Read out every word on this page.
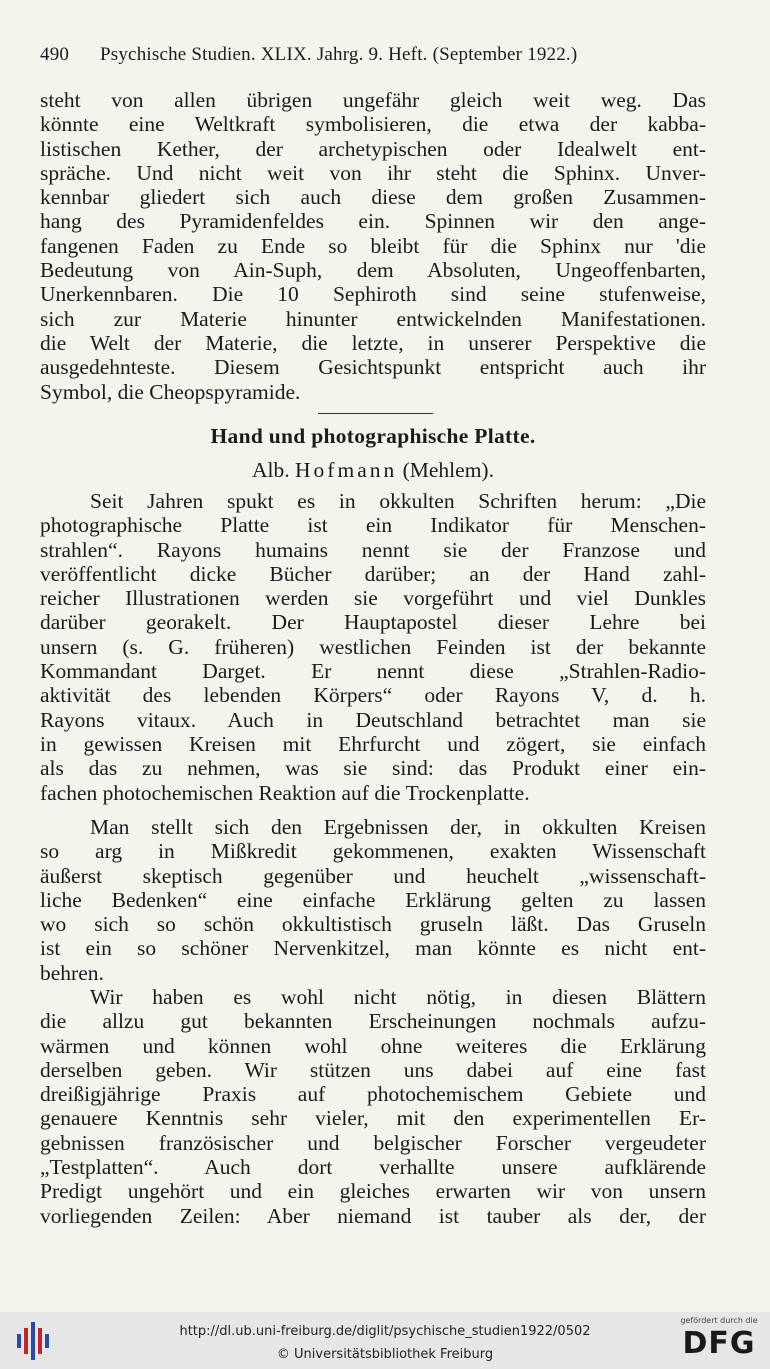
490 Psychische Studien. XLIX. Jahrg. 9. Heft. (September 1922.)
steht von allen übrigen ungefähr gleich weit weg. Das
könnte eine Weltkraft symbolisieren, die etwa der kabba-
listischen Kether, der archetypischen oder Idealwelt ent-
spräche. Und nicht weit von ihr steht die Sphinx. Unver-
kennbar gliedert sich auch diese dem großen Zusammen-
hang des Pyramidenfeldes ein. Spinnen wir den ange-
fangenen Faden zu Ende so bleibt für die Sphinx nur 'die
Bedeutung von Ain-Suph, dem Absoluten, Ungeoffenbarten,
Unerkennbaren. Die 10 Sephiroth sind seine stufenweise,
sich zur Materie hinunter entwickelnden Manifestationen.
die Welt der Materie, die letzte, in unserer Perspektive die
ausgedehnteste. Diesem Gesichtspunkt entspricht auch ihr
Symbol, die Cheopspyramide.
Hand und photographische Platte.
Alb. Hofmann (Mehlem).
Seit Jahren spukt es in okkulten Schriften herum: „Die
photographische Platte ist ein Indikator für Menschen-
strahlen“. Rayons humains nennt sie der Franzose und
veröffentlicht dicke Bücher darüber; an der Hand zahl-
reicher Illustrationen werden sie vorgeführt und viel Dunkles
darüber georakelt. Der Hauptapostel dieser Lehre bei
unsern (s. G. früheren) westlichen Feinden ist der bekannte
Kommandant Darget. Er nennt diese „Strahlen-Radio-
aktivität des lebenden Körpers“ oder Rayons V, d. h.
Rayons vitaux. Auch in Deutschland betrachtet man sie
in gewissen Kreisen mit Ehrfurcht und zögert, sie einfach
als das zu nehmen, was sie sind: das Produkt einer ein-
fachen photochemischen Reaktion auf die Trockenplatte.
Man stellt sich den Ergebnissen der, in okkulten Kreisen
so arg in Mißkredit gekommenen, exakten Wissenschaft
äußerst skeptisch gegenüber und heuchelt „wissenschaft-
liche Bedenken“ eine einfache Erklärung gelten zu lassen
wo sich so schön okkultistisch gruseln läßt. Das Gruseln
ist ein so schöner Nervenkitzel, man könnte es nicht ent-
behren.
Wir haben es wohl nicht nötig, in diesen Blättern
die allzu gut bekannten Erscheinungen nochmals aufzu-
wärmen und können wohl ohne weiteres die Erklärung
derselben geben. Wir stützen uns dabei auf eine fast
dreißigjährige Praxis auf photochemischem Gebiete und
genauere Kenntnis sehr vieler, mit den experimentellen Er-
gebnissen französischer und belgischer Forscher vergeudeter
„Testplatten“. Auch dort verhallte unsere aufklärende
Predigt ungehört und ein gleiches erwarten wir von unsern
vorliegenden Zeilen: Aber niemand ist tauber als der, der
http://dl.ub.uni-freiburg.de/diglit/psychische_studien1922/0502
© Universitätsbibliothek Freiburg
gefördert durch die
DFG
